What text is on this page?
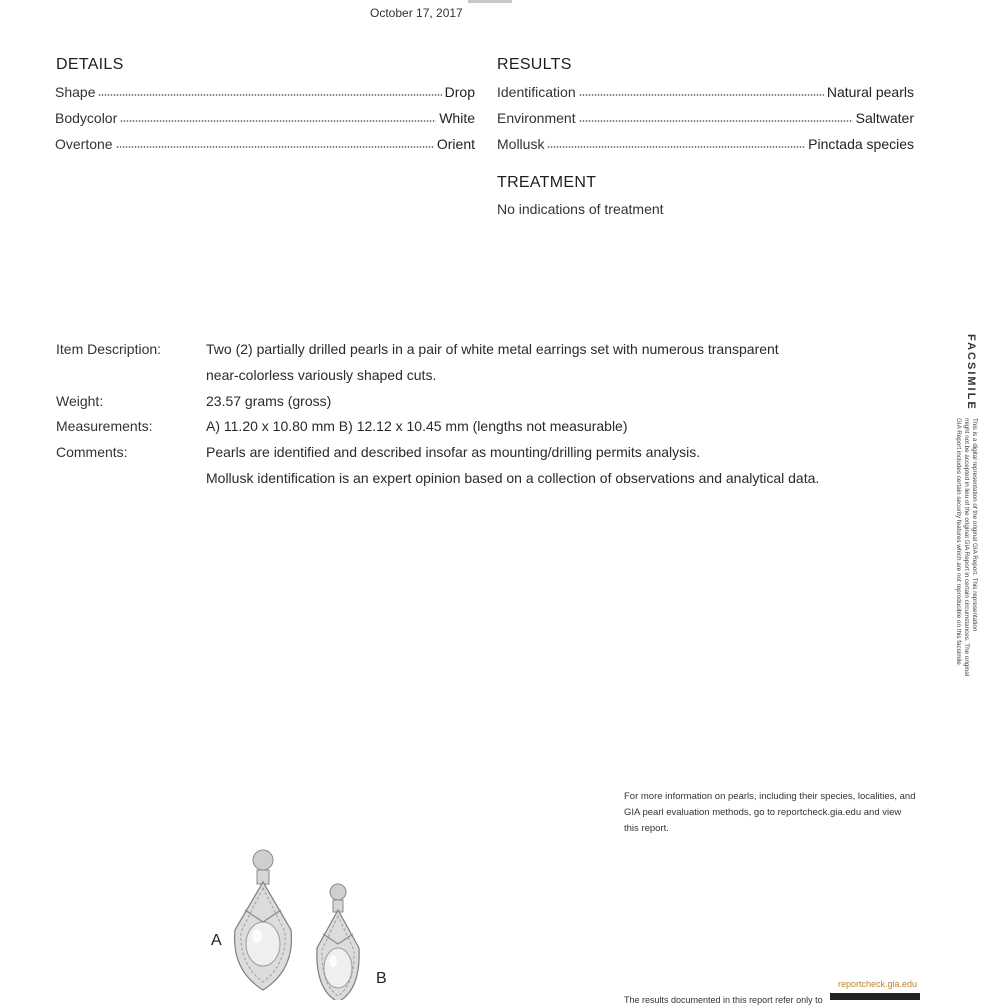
October 17, 2017
DETAILS
Shape	Drop
Bodycolor	White
Overtone	Orient
RESULTS
Identification	Natural pearls
Environment	Saltwater
Mollusk	Pinctada species
TREATMENT
No indications of treatment
Item Description:	Two (2) partially drilled pearls in a pair of white metal earrings set with numerous transparent
near-colorless variously shaped cuts.
Weight:	23.57 grams (gross)
Measurements:	A) 11.20 x 10.80 mm B) 12.12 x 10.45 mm (lengths not measurable)
Comments:	Pearls are identified and described insofar as mounting/drilling permits analysis.
Mollusk identification is an expert opinion based on a collection of observations and analytical data.
FACSIMILE
This is a digital representation of the original GIA Report. This representation
might not be accepted in lieu of the original GIA Report in certain circumstances. The original
GIA Report includes certain security features which are not reproducible on this facsimile.
For more information on pearls, including their species, localities, and GIA pearl evaluation methods, go to reportcheck.gia.edu and view this report.
A
B	reportcheck.gia.edu
The results documented in this report refer only to
